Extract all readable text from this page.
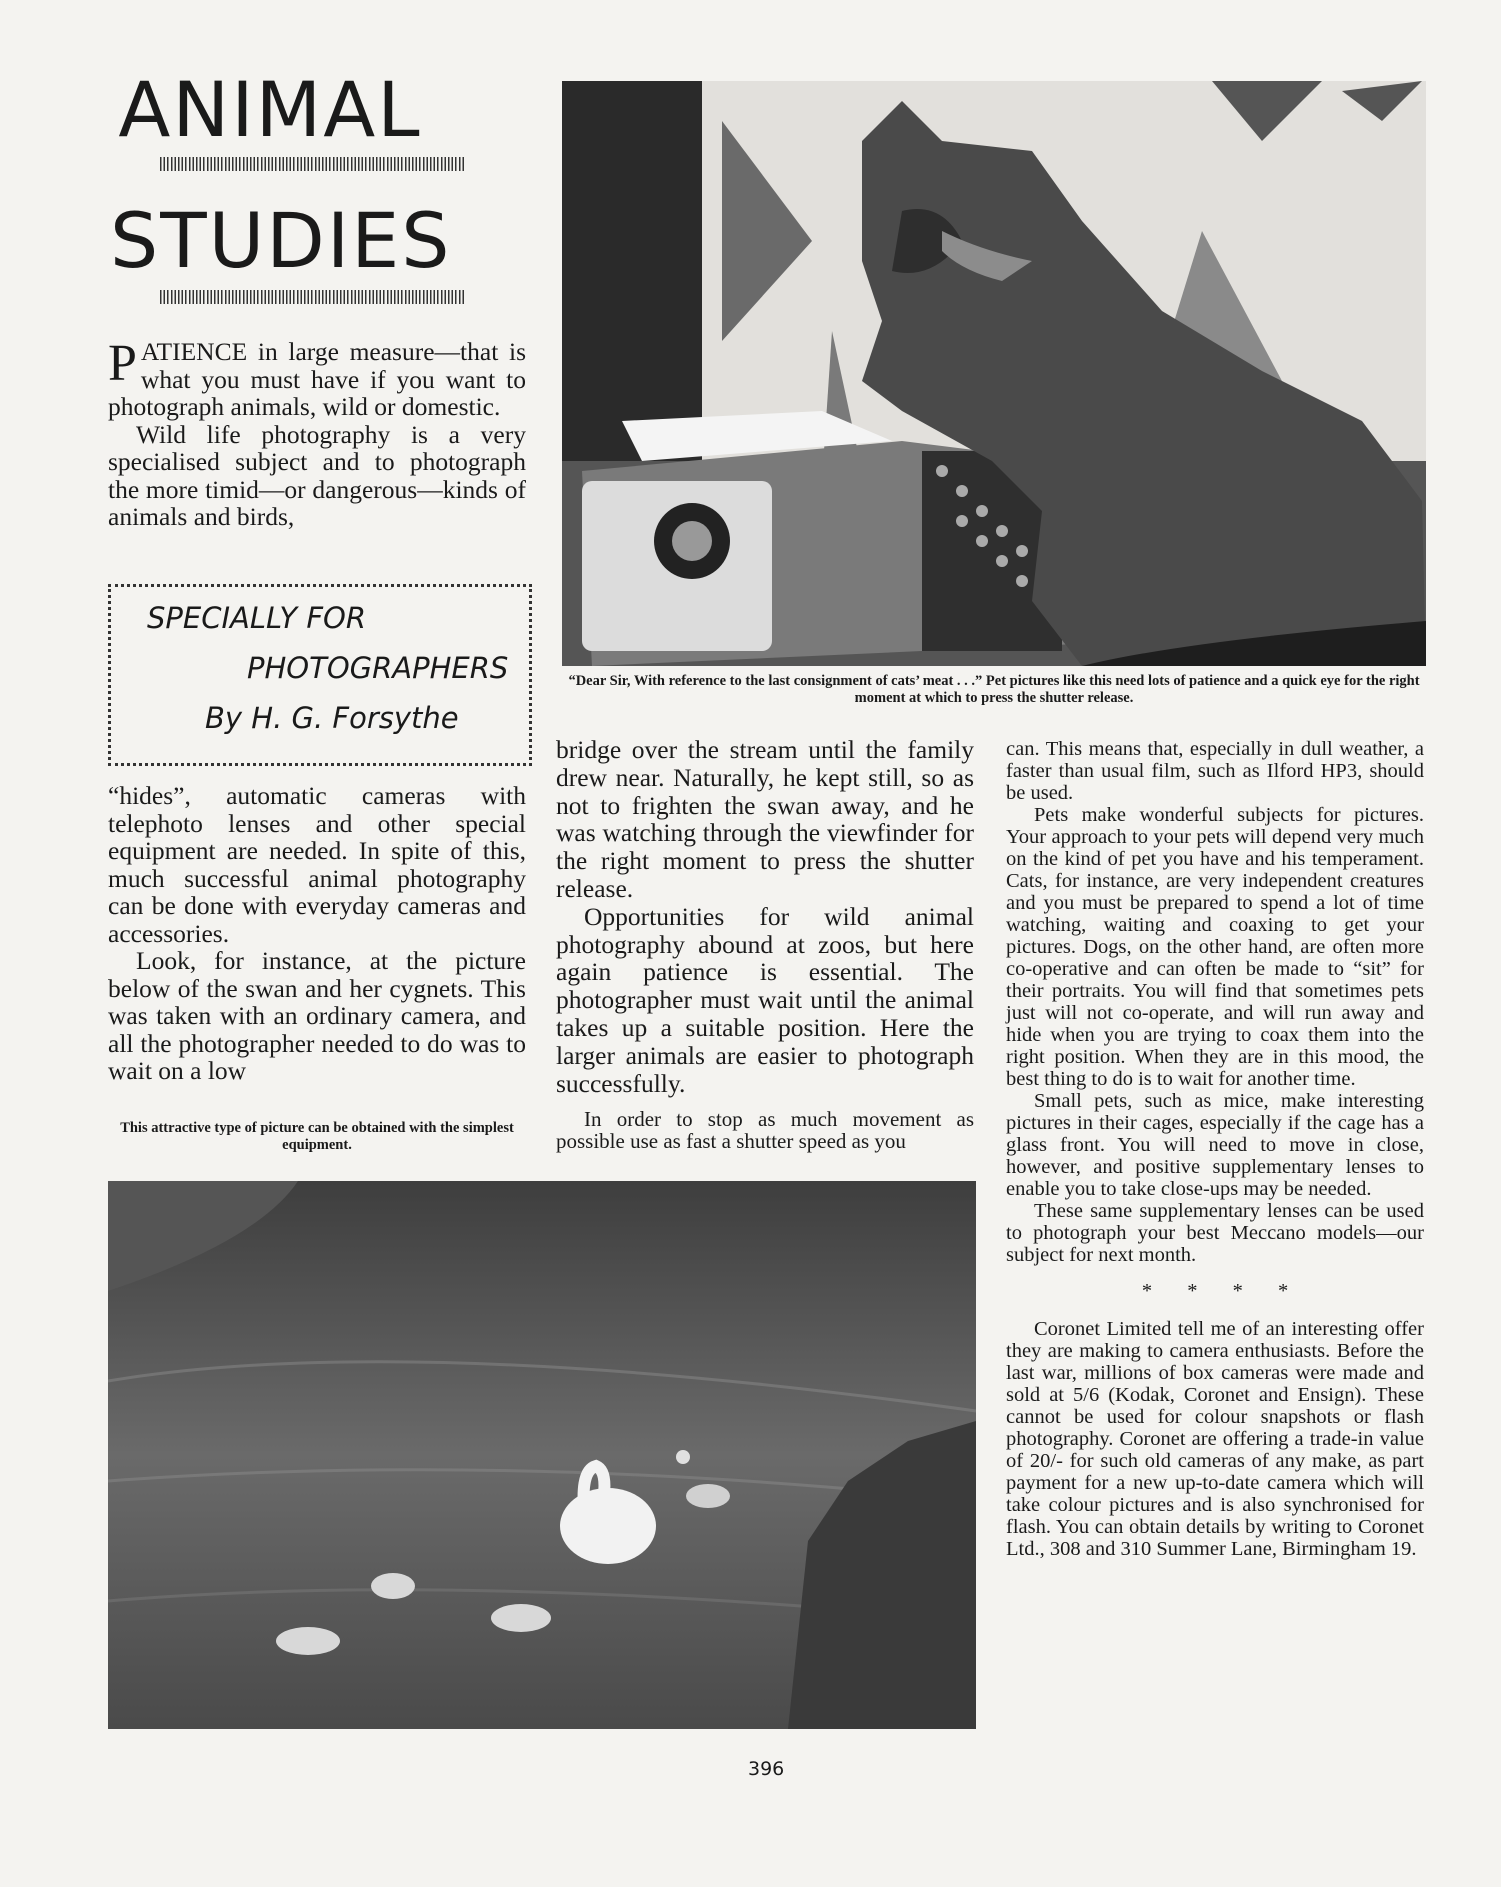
ANIMAL
STUDIES

PATIENCE in large measure—that is what you must have if you want to photograph animals, wild or domestic.

Wild life photography is a very specialised subject and to photograph the more timid—or dangerous—kinds of animals and birds,

SPECIALLY FOR
PHOTOGRAPHERS
By H. G. Forsythe

“hides”, automatic cameras with telephoto lenses and other special equipment are needed. In spite of this, much successful animal photography can be done with everyday cameras and accessories.

Look, for instance, at the picture below of the swan and her cygnets. This was taken with an ordinary camera, and all the photographer needed to do was to wait on a low

This attractive type of picture can be obtained with the simplest equipment.
“Dear Sir, With reference to the last consignment of cats’ meat . . .” Pet pictures like this need lots of patience and a quick eye for the right moment at which to press the shutter release.

bridge over the stream until the family drew near. Naturally, he kept still, so as not to frighten the swan away, and he was watching through the viewfinder for the right moment to press the shutter release.

Opportunities for wild animal photography abound at zoos, but here again patience is essential. The photographer must wait until the animal takes up a suitable position. Here the larger animals are easier to photograph successfully.

In order to stop as much movement as possible use as fast a shutter speed as you

can. This means that, especially in dull weather, a faster than usual film, such as Ilford HP3, should be used.

Pets make wonderful subjects for pictures. Your approach to your pets will depend very much on the kind of pet you have and his temperament. Cats, for instance, are very independent creatures and you must be prepared to spend a lot of time watching, waiting and coaxing to get your pictures. Dogs, on the other hand, are often more co-operative and can often be made to “sit” for their portraits. You will find that sometimes pets just will not co-operate, and will run away and hide when you are trying to coax them into the right position. When they are in this mood, the best thing to do is to wait for another time.

Small pets, such as mice, make interesting pictures in their cages, especially if the cage has a glass front. You will need to move in close, however, and positive supplementary lenses to enable you to take close-ups may be needed.

These same supplementary lenses can be used to photograph your best Meccano models—our subject for next month.

* * * *

Coronet Limited tell me of an interesting offer they are making to camera enthusiasts. Before the last war, millions of box cameras were made and sold at 5/6 (Kodak, Coronet and Ensign). These cannot be used for colour snapshots or flash photography. Coronet are offering a trade-in value of 20/- for such old cameras of any make, as part payment for a new up-to-date camera which will take colour pictures and is also synchronised for flash. You can obtain details by writing to Coronet Ltd., 308 and 310 Summer Lane, Birmingham 19.

396
